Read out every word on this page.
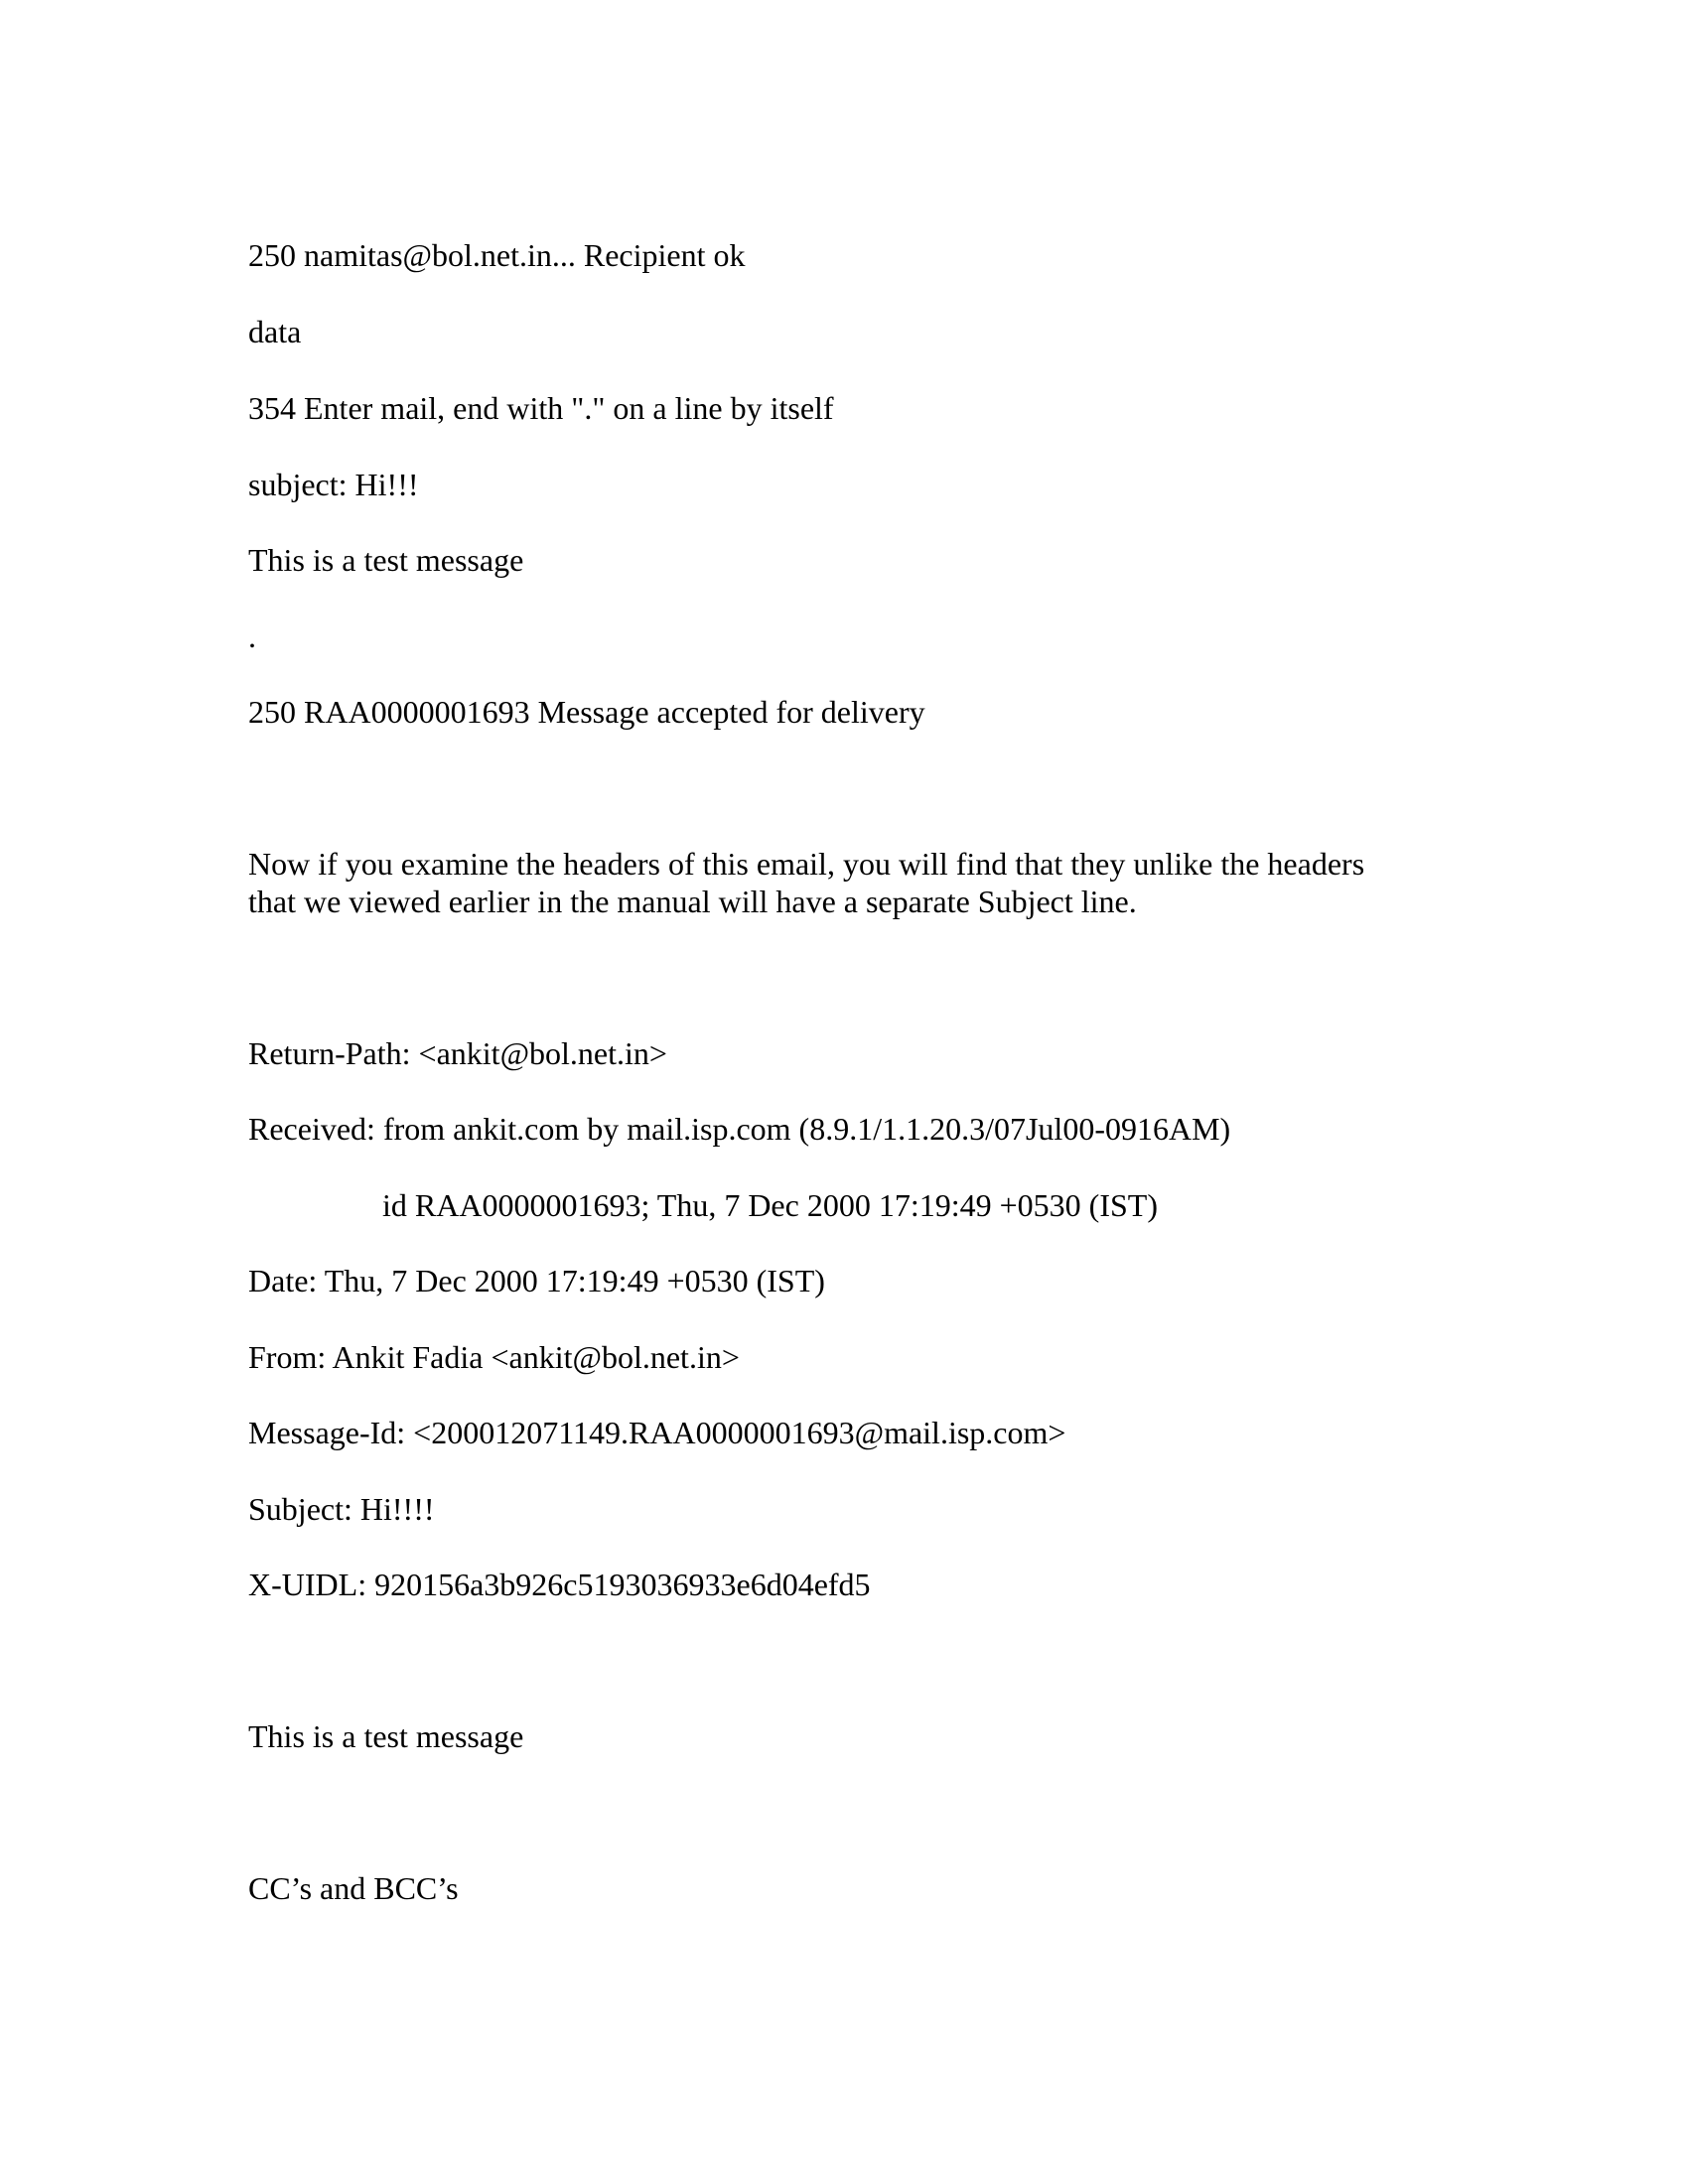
250 namitas@bol.net.in... Recipient ok
data
354 Enter mail, end with "." on a line by itself
subject: Hi!!!
This is a test message
.
250 RAA0000001693 Message accepted for delivery
Now if you examine the headers of this email, you will find that they unlike the headers
that we viewed earlier in the manual will have a separate Subject line.
Return-Path: <ankit@bol.net.in>
Received: from ankit.com by mail.isp.com (8.9.1/1.1.20.3/07Jul00-0916AM)
id RAA0000001693; Thu, 7 Dec 2000 17:19:49 +0530 (IST)
Date: Thu, 7 Dec 2000 17:19:49 +0530 (IST)
From: Ankit Fadia <ankit@bol.net.in>
Message-Id: <200012071149.RAA0000001693@mail.isp.com>
Subject: Hi!!!!
X-UIDL: 920156a3b926c5193036933e6d04efd5
This is a test message
CC’s and BCC’s
